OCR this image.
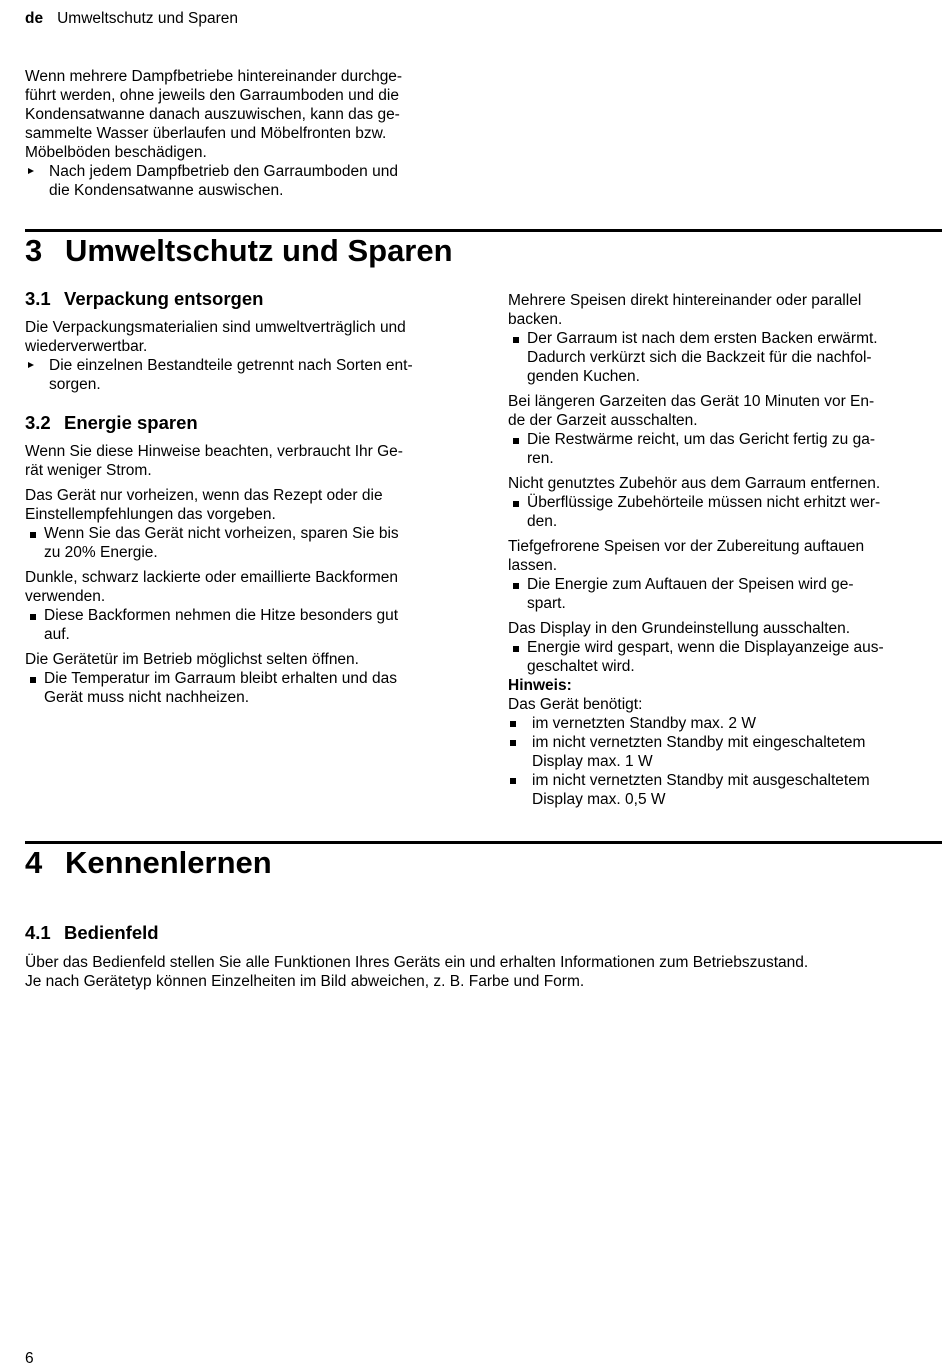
de Umweltschutz und Sparen

Wenn mehrere Dampfbetriebe hintereinander durchge-

führt werden, ohne jeweils den Garraumboden und die

Kondensatwanne danach auszuwischen, kann das ge-

sammelte Wasser überlaufen und Möbelfronten bzw.

Möbelböden beschädigen.

Nach jedem Dampfbetrieb den Garraumboden und

die Kondensatwanne auswischen.

3 Umweltschutz und Sparen
3.1 Verpackung entsorgen

Die Verpackungsmaterialien sind umweltverträglich und

wiederverwertbar.

Die einzelnen Bestandteile getrennt nach Sorten ent-

sorgen.

3.2 Energie sparen

Wenn Sie diese Hinweise beachten, verbraucht Ihr Ge-

rät weniger Strom.

Das Gerät nur vorheizen, wenn das Rezept oder die

Einstellempfehlungen das vorgeben.

Wenn Sie das Gerät nicht vorheizen, sparen Sie bis

zu 20% Energie.

Dunkle, schwarz lackierte oder emaillierte Backformen

verwenden.

Diese Backformen nehmen die Hitze besonders gut

auf.

Die Gerätetür im Betrieb möglichst selten öffnen.

Die Temperatur im Garraum bleibt erhalten und das

Gerät muss nicht nachheizen.

Mehrere Speisen direkt hintereinander oder parallel

backen.

Der Garraum ist nach dem ersten Backen erwärmt.

Dadurch verkürzt sich die Backzeit für die nachfol-

genden Kuchen.

Bei längeren Garzeiten das Gerät 10 Minuten vor En-

de der Garzeit ausschalten.

Die Restwärme reicht, um das Gericht fertig zu ga-

ren.

Nicht genutztes Zubehör aus dem Garraum entfernen.

Überflüssige Zubehörteile müssen nicht erhitzt wer-

den.

Tiefgefrorene Speisen vor der Zubereitung auftauen

lassen.

Die Energie zum Auftauen der Speisen wird ge-

spart.

Das Display in den Grundeinstellung ausschalten.

Energie wird gespart, wenn die Displayanzeige aus-

geschaltet wird.

Hinweis:

Das Gerät benötigt:

im vernetzten Standby max. 2 W

im nicht vernetzten Standby mit eingeschaltetem

Display max. 1 W

im nicht vernetzten Standby mit ausgeschaltetem

Display max. 0,5 W

4 Kennenlernen
4.1 Bedienfeld

Über das Bedienfeld stellen Sie alle Funktionen Ihres Geräts ein und erhalten Informationen zum Betriebszustand.

Je nach Gerätetyp können Einzelheiten im Bild abweichen, z. B. Farbe und Form.

6
